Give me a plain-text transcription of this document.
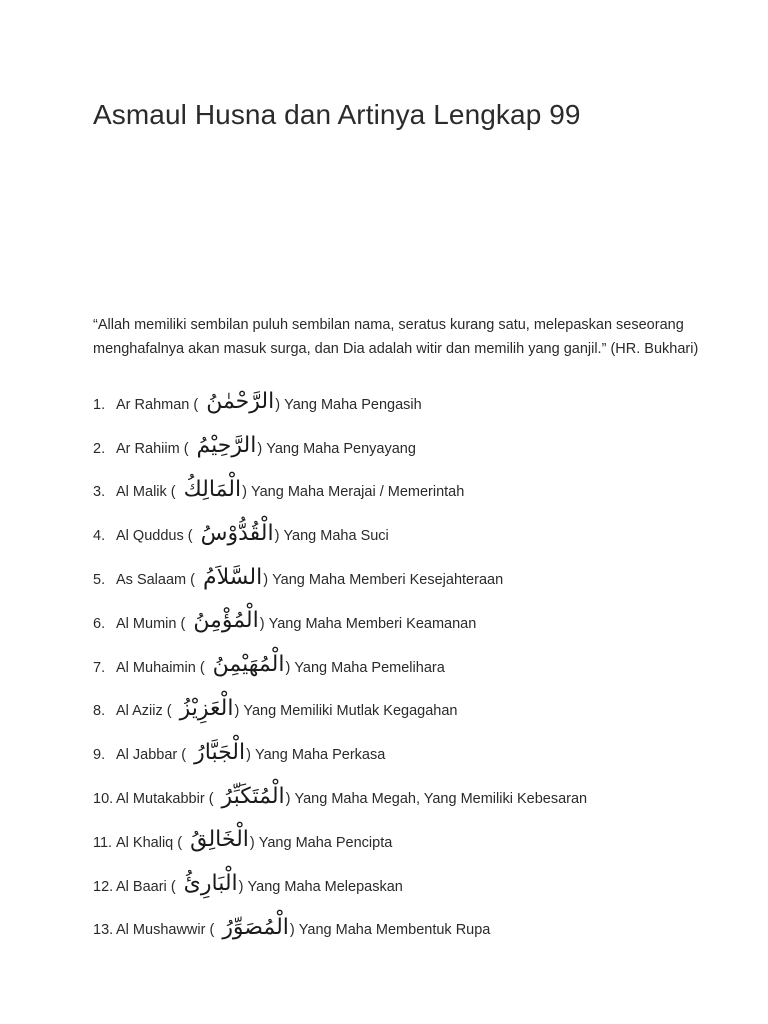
Asmaul Husna dan Artinya Lengkap 99

“Allah memiliki sembilan puluh sembilan nama, seratus kurang satu, melepaskan seseorang
menghafalnya akan masuk surga, dan Dia adalah witir dan memilih yang ganjil.” (HR. Bukhari)

1. Ar Rahman
( الرَّحْمٰنُ )
Yang Maha Pengasih
2. Ar Rahiim
( الرَّحِيْمُ )
Yang Maha Penyayang
3. Al Malik
( الْمَالِكُ )
Yang Maha Merajai / Memerintah
4. Al Quddus
( الْقُدُّوْسُ )
Yang Maha Suci
5. As Salaam
( السَّلاَمُ )
Yang Maha Memberi Kesejahteraan
6. Al Mumin
( الْمُؤْمِنُ )
Yang Maha Memberi Keamanan
7. Al Muhaimin
( الْمُهَيْمِنُ )
Yang Maha Pemelihara
8. Al Aziiz
( الْعَزِيْزُ )
Yang Memiliki Mutlak Kegagahan
9. Al Jabbar
( الْجَبَّارُ )
Yang Maha Perkasa
10. Al Mutakabbir
( الْمُتَكَبِّرُ )
Yang Maha Megah, Yang Memiliki Kebesaran
11. Al Khaliq
( الْخَالِقُ )
Yang Maha Pencipta
12. Al Baari
( الْبَارِئُ )
Yang Maha Melepaskan
13. Al Mushawwir
( الْمُصَوِّرُ )
Yang Maha Membentuk Rupa
